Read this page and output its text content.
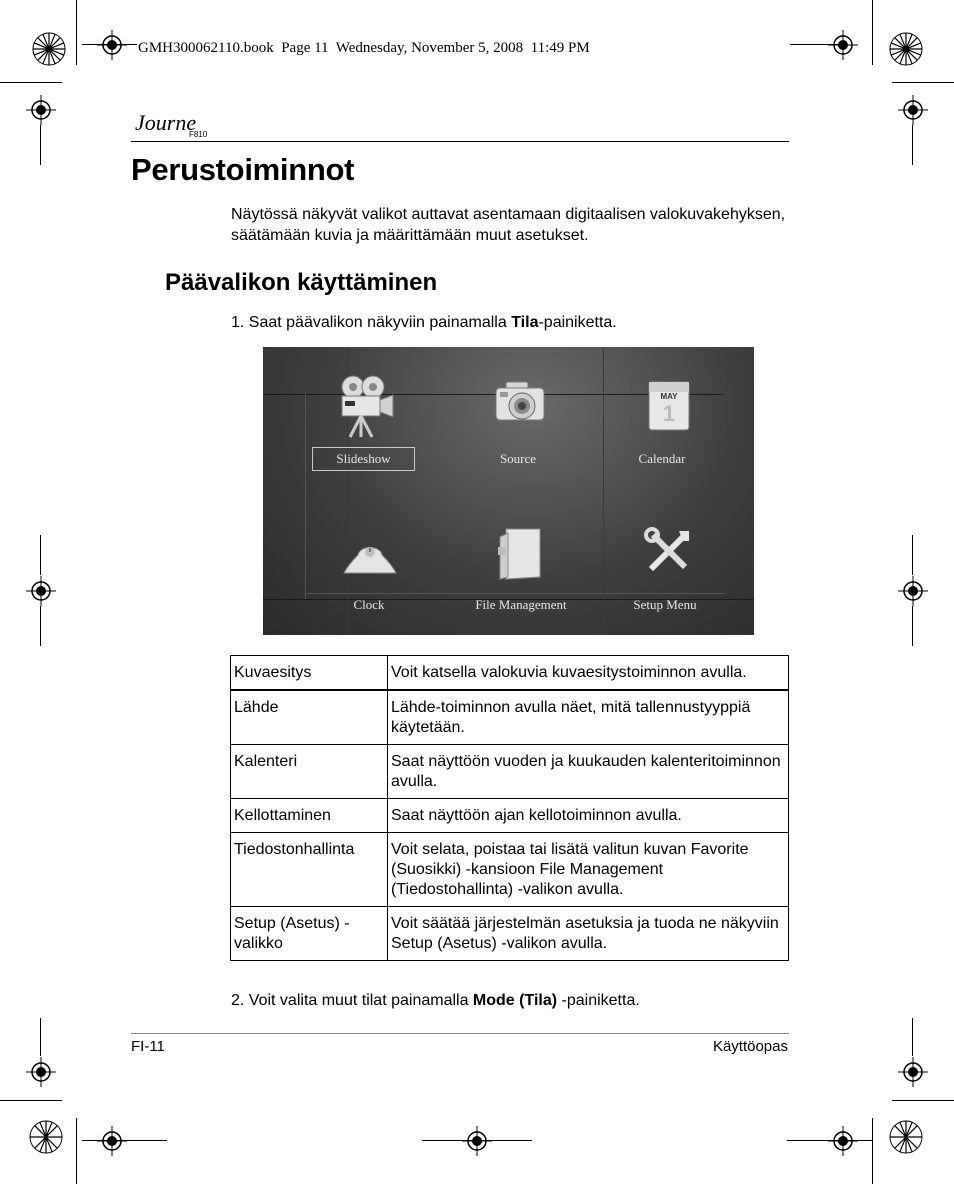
GMH300062110.book  Page 11  Wednesday, November 5, 2008  11:49 PM
Journe
F810
Perustoiminnot
Näytössä näkyvät valikot auttavat asentamaan digitaalisen valokuvakehyksen, säätämään kuvia ja määrittämään muut asetukset.
Päävalikon käyttäminen
1. Saat päävalikon näkyviin painamalla Tila-painiketta.
MAY
1
Slideshow	Source	Calendar
Clock	File Management	Setup Menu
Kuvaesitys	Voit katsella valokuvia kuvaesitystoiminnon avulla.
Lähde	Lähde-toiminnon avulla näet, mitä tallennustyyppiä käytetään.
Kalenteri	Saat näyttöön vuoden ja kuukauden kalenteritoiminnon avulla.
Kellottaminen	Saat näyttöön ajan kellotoiminnon avulla.
Tiedostonhallinta	Voit selata, poistaa tai lisätä valitun kuvan Favorite (Suosikki) -kansioon File Management (Tiedostohallinta) -valikon avulla.
Setup (Asetus) -valikko	Voit säätää järjestelmän asetuksia ja tuoda ne näkyviin Setup (Asetus) -valikon avulla.
2. Voit valita muut tilat painamalla Mode (Tila) -painiketta.
FI-11	Käyttöopas
